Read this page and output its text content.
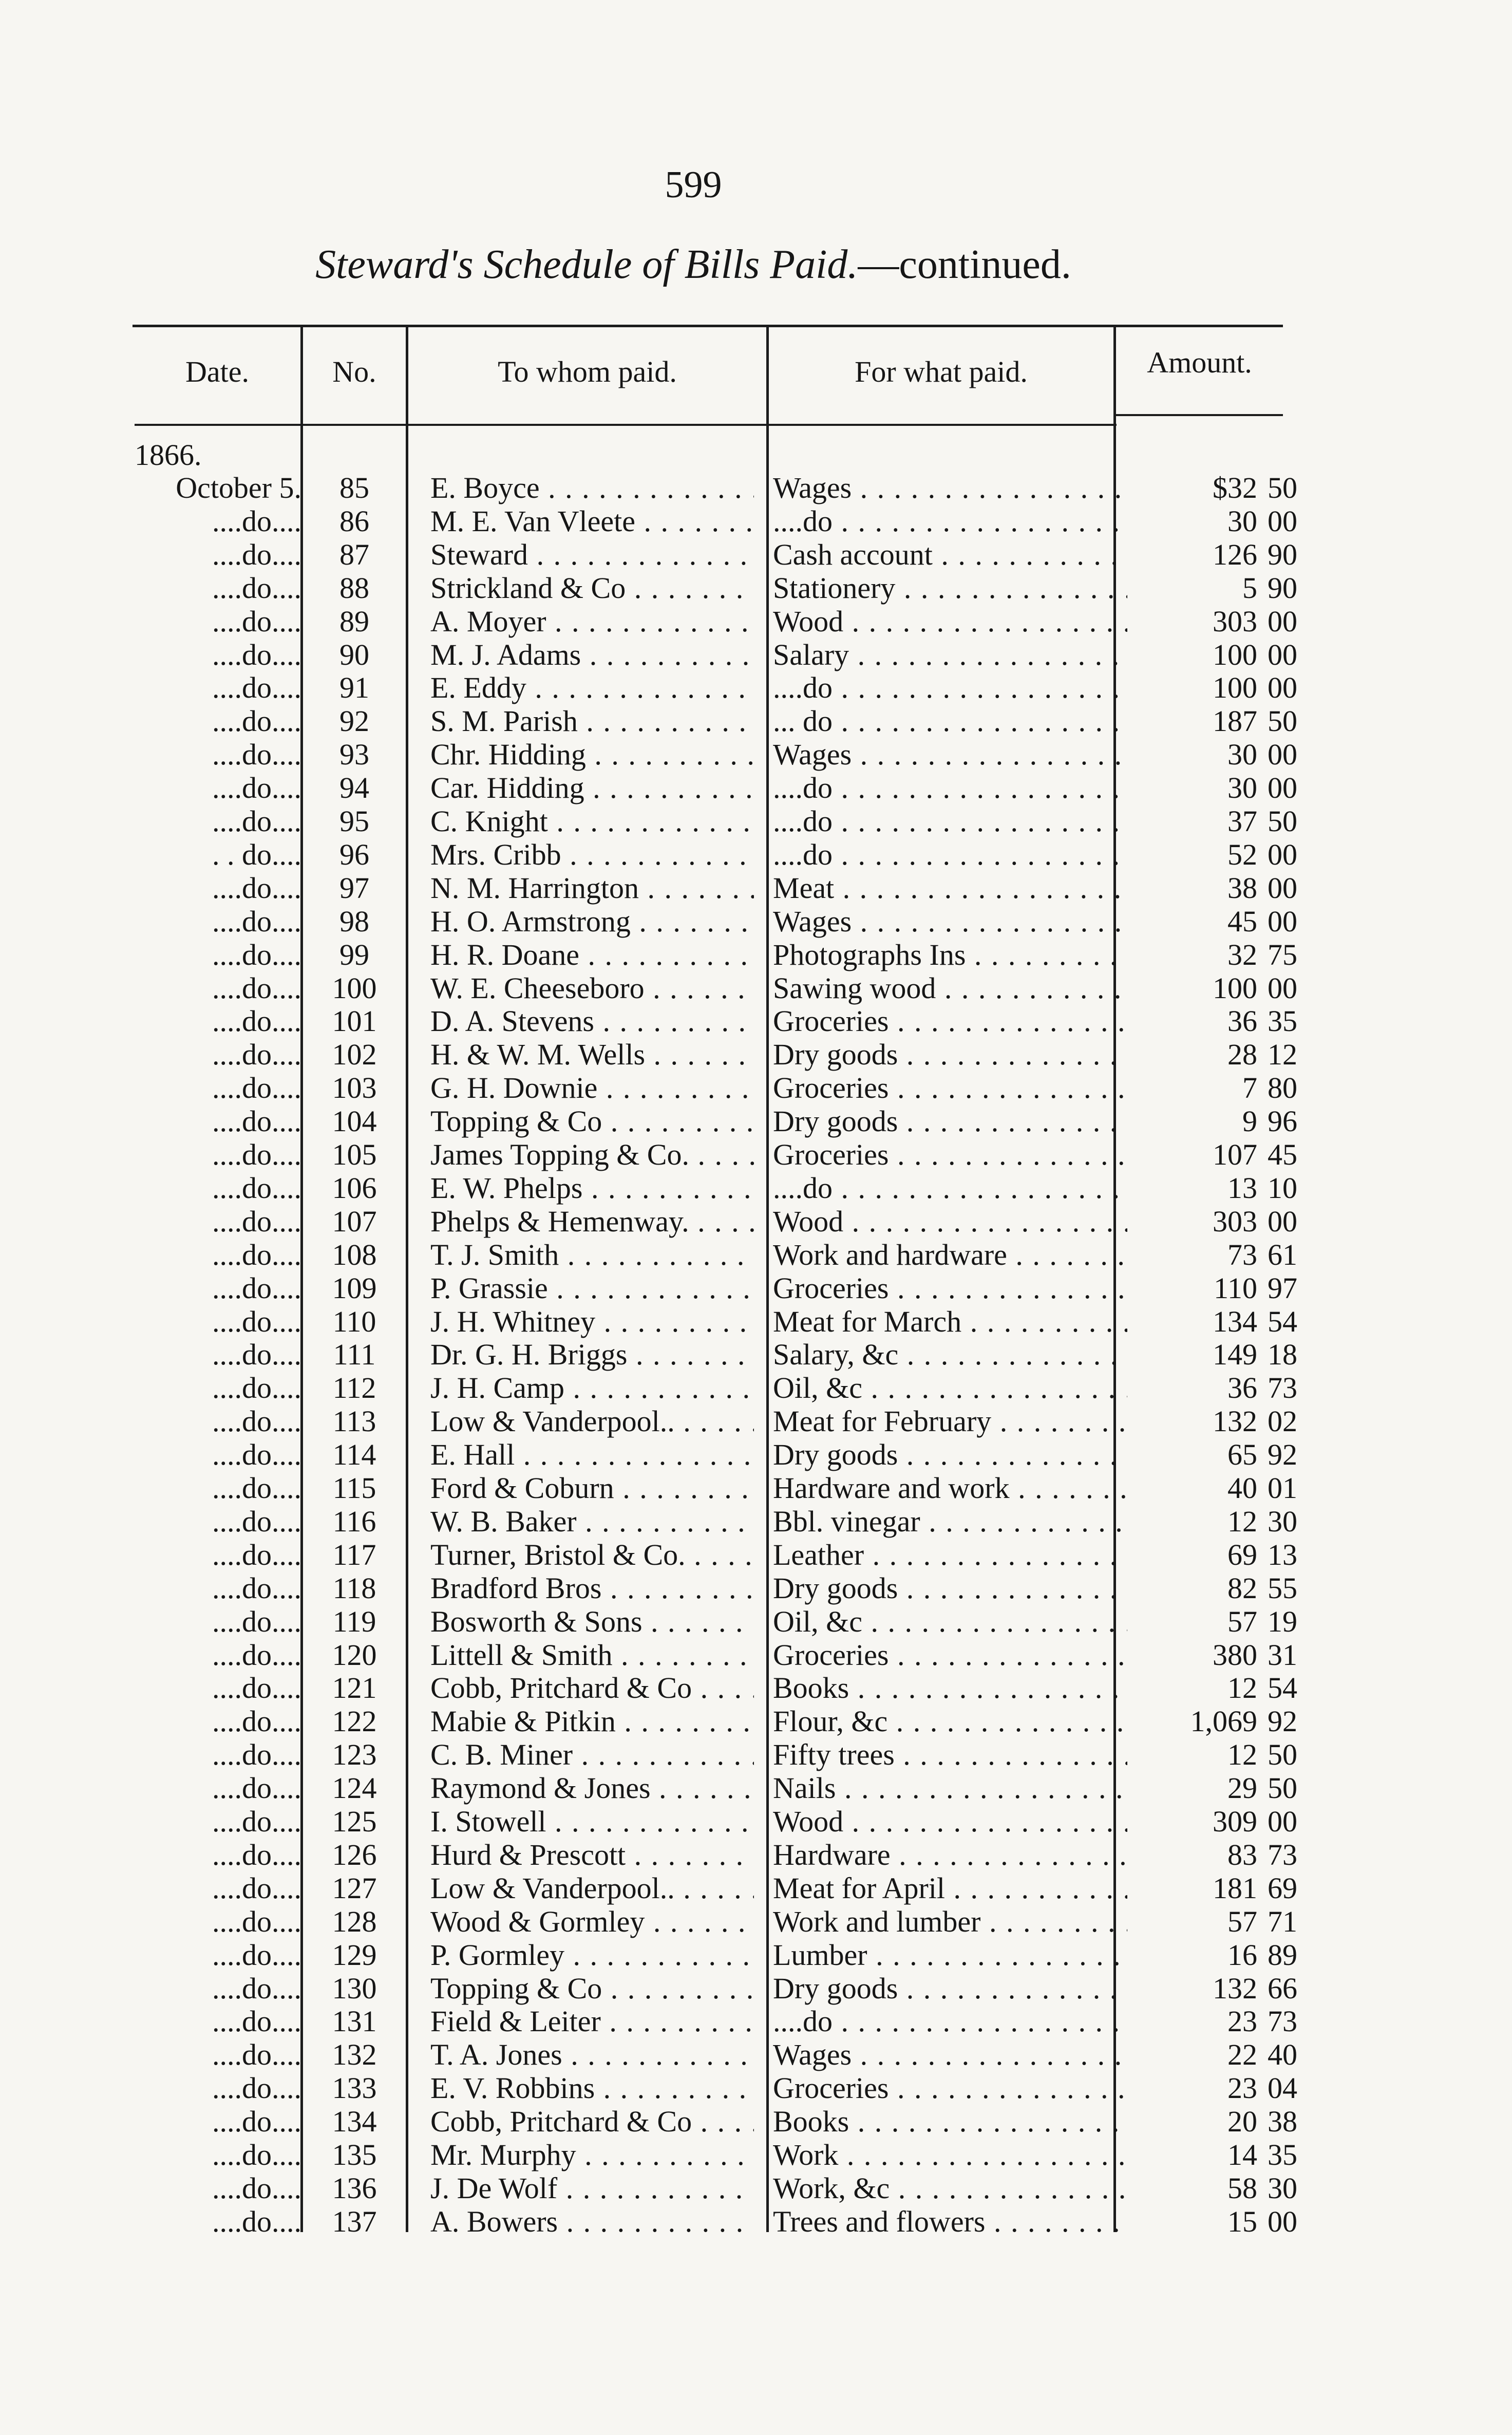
599
Steward's Schedule of Bills Paid.—continued.
Date.	No.	To whom paid.	For what paid.	Amount.
1866.
October 5.	85	E. Boyce . . .	Wages . . .	$32 50
....do....	86	M. E. Van Vleete . . .	....do . . .	30 00
....do....	87	Steward . . .	Cash account . . .	126 90
....do....	88	Strickland & Co . . .	Stationery . . .	5 90
....do....	89	A. Moyer . . .	Wood . . .	303 00
....do....	90	M. J. Adams . . .	Salary . . .	100 00
....do....	91	E. Eddy . . .	....do . . .	100 00
....do....	92	S. M. Parish . . .	... do . . .	187 50
....do....	93	Chr. Hidding . . .	Wages . . .	30 00
....do....	94	Car. Hidding . . .	....do . . .	30 00
....do....	95	C. Knight . . .	....do . . .	37 50
. . do....	96	Mrs. Cribb . . .	....do . . .	52 00
....do....	97	N. M. Harrington . . .	Meat . . .	38 00
....do....	98	H. O. Armstrong . . .	Wages . . .	45 00
....do....	99	H. R. Doane . . .	Photographs Ins . . .	32 75
....do....	100	W. E. Cheeseboro . . .	Sawing wood . . .	100 00
....do....	101	D. A. Stevens . . .	Groceries . . .	36 35
....do....	102	H. & W. M. Wells . . .	Dry goods . . .	28 12
....do....	103	G. H. Downie . . .	Groceries . . .	7 80
....do....	104	Topping & Co . . .	Dry goods . . .	9 96
....do....	105	James Topping & Co. . . .	Groceries . . .	107 45
....do....	106	E. W. Phelps . . .	....do . . .	13 10
....do....	107	Phelps & Hemenway. . . .	Wood . . .	303 00
....do....	108	T. J. Smith . . .	Work and hardware . . .	73 61
....do....	109	P. Grassie . . .	Groceries . . .	110 97
....do....	110	J. H. Whitney . . .	Meat for March . . .	134 54
....do....	111	Dr. G. H. Briggs . . .	Salary, &c . . .	149 18
....do....	112	J. H. Camp . . .	Oil, &c . . .	36 73
....do....	113	Low & Vanderpool.. . . .	Meat for February . . .	132 02
....do....	114	E. Hall . . .	Dry goods . . .	65 92
....do....	115	Ford & Coburn . . .	Hardware and work . . .	40 01
....do....	116	W. B. Baker . . .	Bbl. vinegar . . .	12 30
....do....	117	Turner, Bristol & Co. . . .	Leather . . .	69 13
....do....	118	Bradford Bros . . .	Dry goods . . .	82 55
....do....	119	Bosworth & Sons . . .	Oil, &c . . .	57 19
....do....	120	Littell & Smith . . .	Groceries . . .	380 31
....do....	121	Cobb, Pritchard & Co . . .	Books . . .	12 54
....do....	122	Mabie & Pitkin . . .	Flour, &c . . .	1,069 92
....do....	123	C. B. Miner . . .	Fifty trees . . .	12 50
....do....	124	Raymond & Jones . . .	Nails . . .	29 50
....do....	125	I. Stowell . . .	Wood . . .	309 00
....do....	126	Hurd & Prescott . . .	Hardware . . .	83 73
....do....	127	Low & Vanderpool.. . . .	Meat for April . . .	181 69
....do....	128	Wood & Gormley . . .	Work and lumber . . .	57 71
....do....	129	P. Gormley . . .	Lumber . . .	16 89
....do....	130	Topping & Co . . .	Dry goods . . .	132 66
....do....	131	Field & Leiter . . .	....do . . .	23 73
....do....	132	T. A. Jones . . .	Wages . . .	22 40
....do....	133	E. V. Robbins . . .	Groceries . . .	23 04
....do....	134	Cobb, Pritchard & Co . . .	Books . . .	20 38
....do....	135	Mr. Murphy . . .	Work . . .	14 35
....do....	136	J. De Wolf . . .	Work, &c . . .	58 30
....do....	137	A. Bowers . . .	Trees and flowers . . .	15 00
